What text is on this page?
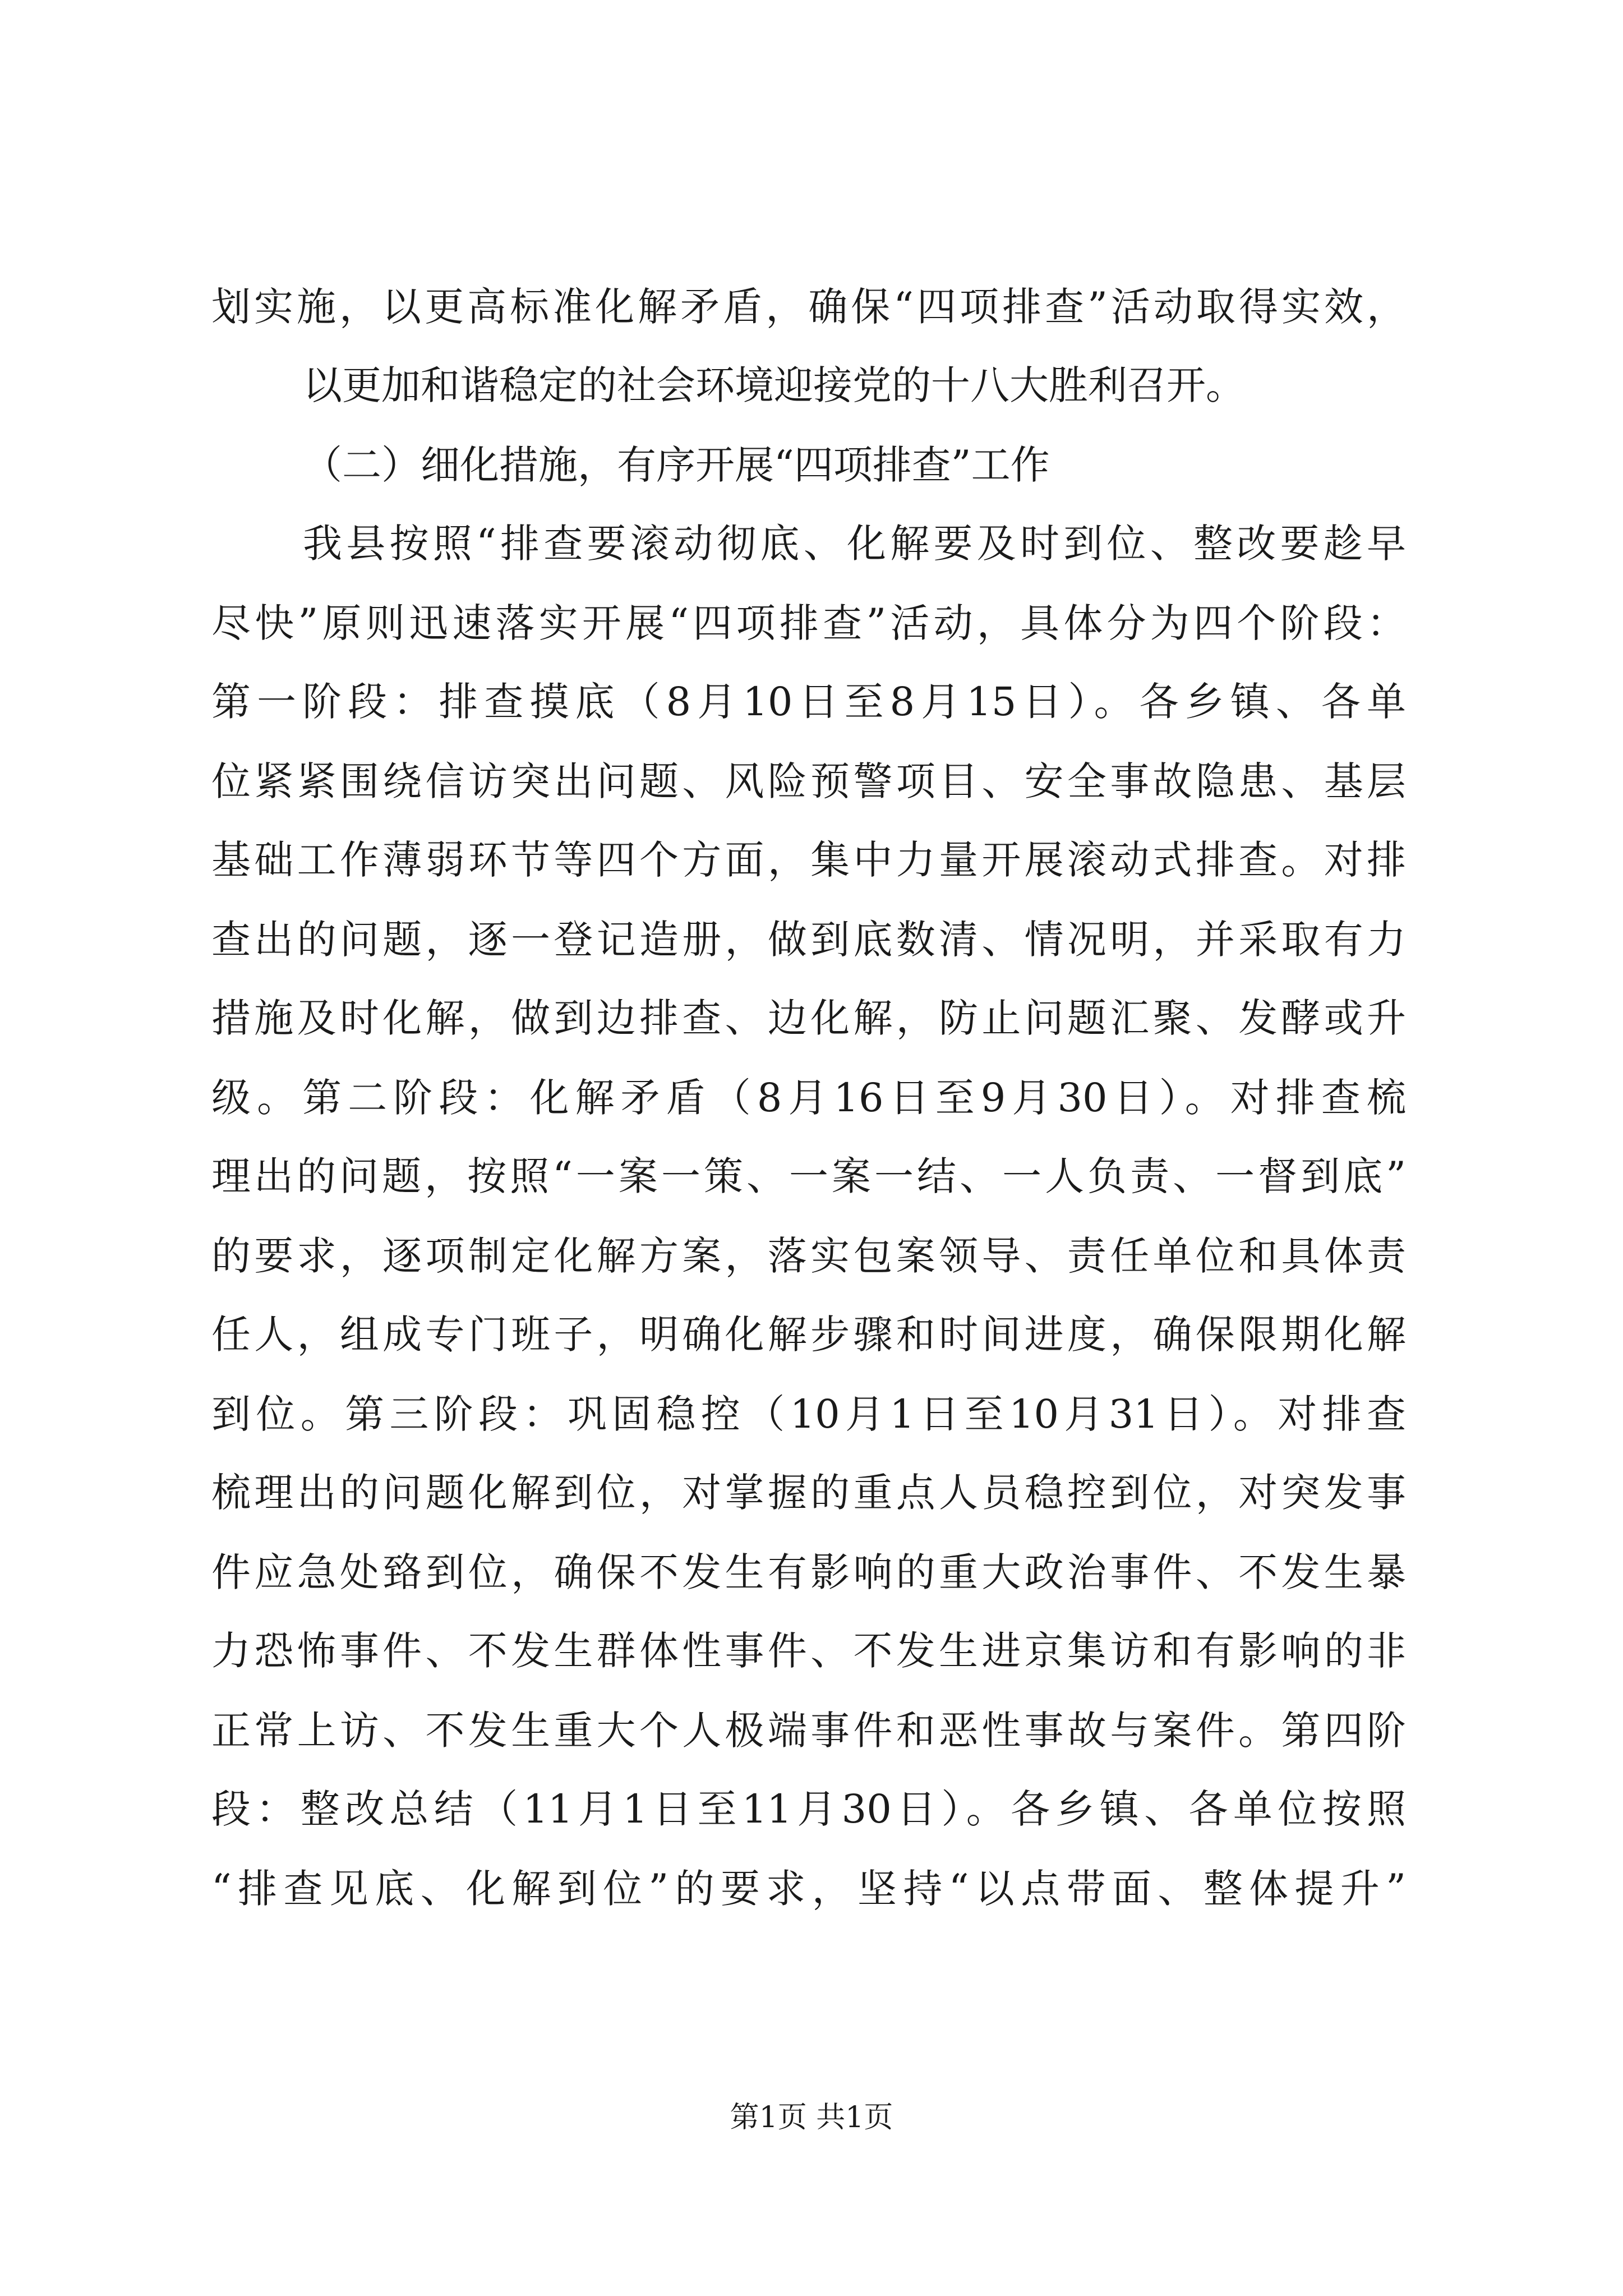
划实施，以更高标准化解矛盾，确保“四项排查”活动取得实效，
以更加和谐稳定的社会环境迎接党的十八大胜利召开。
（二）细化措施，有序开展“四项排查”工作
我县按照“排查要滚动彻底、化解要及时到位、整改要趁早
尽快”原则迅速落实开展“四项排查”活动，具体分为四个阶段：
第一阶段：排查摸底（8月10日至8月15日）。各乡镇、各单
位紧紧围绕信访突出问题、风险预警项目、安全事故隐患、基层
基础工作薄弱环节等四个方面，集中力量开展滚动式排查。对排
查出的问题，逐一登记造册，做到底数清、情况明，并采取有力
措施及时化解，做到边排查、边化解，防止问题汇聚、发酵或升
级。第二阶段：化解矛盾（8月16日至9月30日）。对排查梳
理出的问题，按照“一案一策、一案一结、一人负责、一督到底”
的要求，逐项制定化解方案，落实包案领导、责任单位和具体责
任人，组成专门班子，明确化解步骤和时间进度，确保限期化解
到位。第三阶段：巩固稳控（10月1日至10月31日）。对排查
梳理出的问题化解到位，对掌握的重点人员稳控到位，对突发事
件应急处臵到位，确保不发生有影响的重大政治事件、不发生暴
力恐怖事件、不发生群体性事件、不发生进京集访和有影响的非
正常上访、不发生重大个人极端事件和恶性事故与案件。第四阶
段：整改总结（11月1日至11月30日）。各乡镇、各单位按照
“排查见底、化解到位”的要求，坚持“以点带面、整体提升”
第1页 共1页
